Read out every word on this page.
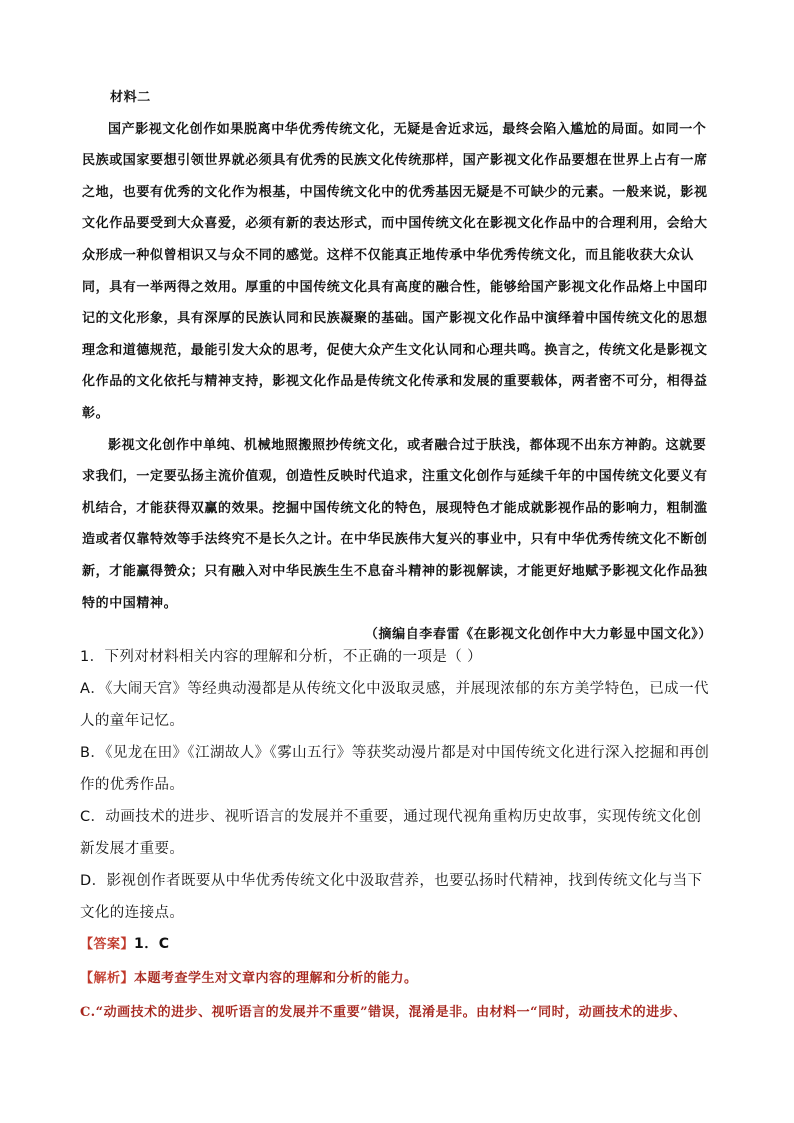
材料二

国产影视文化创作如果脱离中华优秀传统文化，无疑是舍近求远，最终会陷入尴尬的局面。如同一个民族或国家要想引领世界就必须具有优秀的民族文化传统那样，国产影视文化作品要想在世界上占有一席之地，也要有优秀的文化作为根基，中国传统文化中的优秀基因无疑是不可缺少的元素。一般来说，影视文化作品要受到大众喜爱，必须有新的表达形式，而中国传统文化在影视文化作品中的合理利用，会给大众形成一种似曾相识又与众不同的感觉。这样不仅能真正地传承中华优秀传统文化，而且能收获大众认同，具有一举两得之效用。厚重的中国传统文化具有高度的融合性，能够给国产影视文化作品烙上中国印记的文化形象，具有深厚的民族认同和民族凝聚的基础。国产影视文化作品中演绎着中国传统文化的思想理念和道德规范，最能引发大众的思考，促使大众产生文化认同和心理共鸣。换言之，传统文化是影视文化作品的文化依托与精神支持，影视文化作品是传统文化传承和发展的重要载体，两者密不可分，相得益彰。

影视文化创作中单纯、机械地照搬照抄传统文化，或者融合过于肤浅，都体现不出东方神韵。这就要求我们，一定要弘扬主流价值观，创造性反映时代追求，注重文化创作与延续千年的中国传统文化要义有机结合，才能获得双赢的效果。挖掘中国传统文化的特色，展现特色才能成就影视作品的影响力，粗制滥造或者仅靠特效等手法终究不是长久之计。在中华民族伟大复兴的事业中，只有中华优秀传统文化不断创新，才能赢得赞众；只有融入对中华民族生生不息奋斗精神的影视解读，才能更好地赋予影视文化作品独特的中国精神。

（摘编自李春雷《在影视文化创作中大力彰显中国文化》）

1．下列对材料相关内容的理解和分析，不正确的一项是（ ）

A．《大闹天宫》等经典动漫都是从传统文化中汲取灵感，并展现浓郁的东方美学特色，已成一代人的童年记忆。

B．《见龙在田》《江湖故人》《雾山五行》等获奖动漫片都是对中国传统文化进行深入挖掘和再创作的优秀作品。

C．动画技术的进步、视听语言的发展并不重要，通过现代视角重构历史故事，实现传统文化创新发展才重要。

D．影视创作者既要从中华优秀传统文化中汲取营养，也要弘扬时代精神，找到传统文化与当下文化的连接点。

【答案】1．C

【解析】本题考查学生对文章内容的理解和分析的能力。

C.“动画技术的进步、视听语言的发展并不重要”错误，混淆是非。由材料一“同时，动画技术的进步、
